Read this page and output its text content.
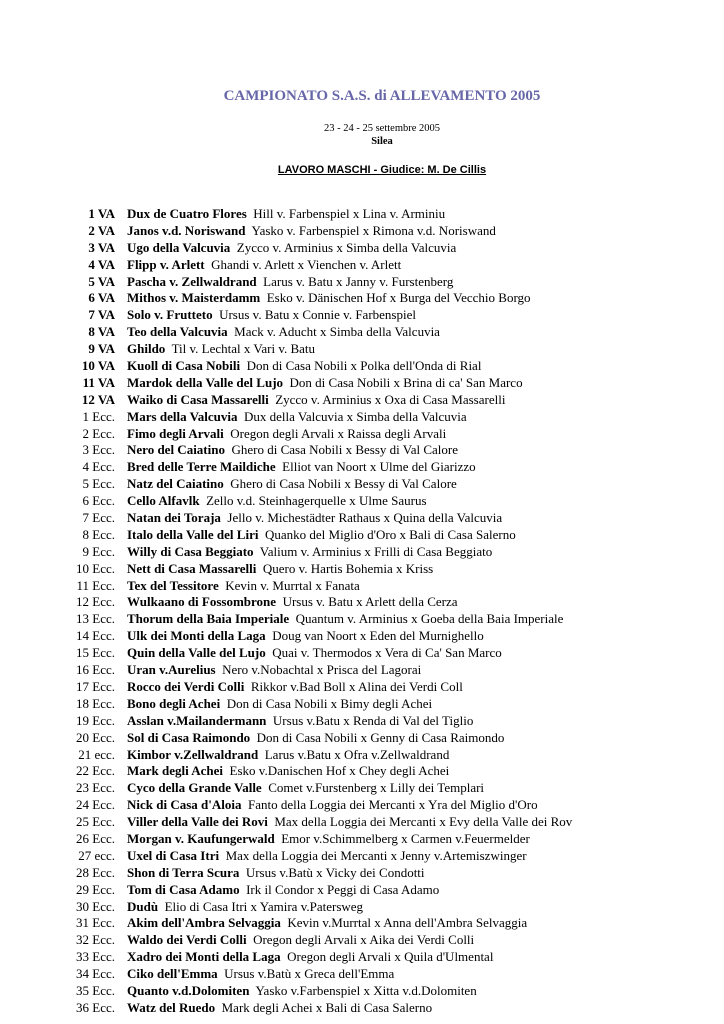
CAMPIONATO S.A.S. di ALLEVAMENTO 2005
23 - 24 - 25 settembre 2005
Silea
LAVORO MASCHI - Giudice: M. De Cillis
1 VA Dux de Cuatro Flores Hill v. Farbenspiel x Lina v. Arminiu
2 VA Janos v.d. Noriswand Yasko v. Farbenspiel x Rimona v.d. Noriswand
3 VA Ugo della Valcuvia Zycco v. Arminius x Simba della Valcuvia
4 VA Flipp v. Arlett Ghandi v. Arlett x Vienchen v. Arlett
5 VA Pascha v. Zellwaldrand Larus v. Batu x Janny v. Furstenberg
6 VA Mithos v. Maisterdamm Esko v. Dänischen Hof x Burga del Vecchio Borgo
7 VA Solo v. Frutteto Ursus v. Batu x Connie v. Farbenspiel
8 VA Teo della Valcuvia Mack v. Aducht x Simba della Valcuvia
9 VA Ghildo Til v. Lechtal x Vari v. Batu
10 VA Kuoll di Casa Nobili Don di Casa Nobili x Polka dell'Onda di Rial
11 VA Mardok della Valle del Lujo Don di Casa Nobili x Brina di ca' San Marco
12 VA Waiko di Casa Massarelli Zycco v. Arminius x Oxa di Casa Massarelli
1 Ecc. Mars della Valcuvia Dux della Valcuvia x Simba della Valcuvia
2 Ecc. Fimo degli Arvali Oregon degli Arvali x Raissa degli Arvali
3 Ecc. Nero del Caiatino Ghero di Casa Nobili x Bessy di Val Calore
4 Ecc. Bred delle Terre Maildiche Elliot van Noort x Ulme del Giarizzo
5 Ecc. Natz del Caiatino Ghero di Casa Nobili x Bessy di Val Calore
6 Ecc. Cello Alfavlk Zello v.d. Steinhagerquelle x Ulme Saurus
7 Ecc. Natan dei Toraja Jello v. Michestädter Rathaus x Quina della Valcuvia
8 Ecc. Italo della Valle del Liri Quanko del Miglio d'Oro x Bali di Casa Salerno
9 Ecc. Willy di Casa Beggiato Valium v. Arminius x Frilli di Casa Beggiato
10 Ecc. Nett di Casa Massarelli Quero v. Hartis Bohemia x Kriss
11 Ecc. Tex del Tessitore Kevin v. Murrtal x Fanata
12 Ecc. Wulkaano di Fossombrone Ursus v. Batu x Arlett della Cerza
13 Ecc. Thorum della Baia Imperiale Quantum v. Arminius x Goeba della Baia Imperiale
14 Ecc. Ulk dei Monti della Laga Doug van Noort x Eden del Murnighello
15 Ecc. Quin della Valle del Lujo Quai v. Thermodos x Vera di Ca' San Marco
16 Ecc. Uran v.Aurelius Nero v.Nobachtal x Prisca del Lagorai
17 Ecc. Rocco dei Verdi Colli Rikkor v.Bad Boll x Alina dei Verdi Coll
18 Ecc. Bono degli Achei Don di Casa Nobili x Bimy degli Achei
19 Ecc. Asslan v.Mailandermann Ursus v.Batu x Renda di Val del Tiglio
20 Ecc. Sol di Casa Raimondo Don di Casa Nobili x Genny di Casa Raimondo
21 ecc. Kimbor v.Zellwaldrand Larus v.Batu x Ofra v.Zellwaldrand
22 Ecc. Mark degli Achei Esko v.Danischen Hof x Chey degli Achei
23 Ecc. Cyco della Grande Valle Comet v.Furstenberg x Lilly dei Templari
24 Ecc. Nick di Casa d'Aloia Fanto della Loggia dei Mercanti x Yra del Miglio d'Oro
25 Ecc. Viller della Valle dei Rovi Max della Loggia dei Mercanti x Evy della Valle dei Rov
26 Ecc. Morgan v. Kaufungerwald Emor v.Schimmelberg x Carmen v.Feuermelder
27 ecc. Uxel di Casa Itri Max della Loggia dei Mercanti x Jenny v.Artemiszwinger
28 Ecc. Shon di Terra Scura Ursus v.Batù x Vicky dei Condotti
29 Ecc. Tom di Casa Adamo Irk il Condor x Peggi di Casa Adamo
30 Ecc. Dudù Elio di Casa Itri x Yamira v.Patersweg
31 Ecc. Akim dell'Ambra Selvaggia Kevin v.Murrtal x Anna dell'Ambra Selvaggia
32 Ecc. Waldo dei Verdi Colli Oregon degli Arvali x Aika dei Verdi Colli
33 Ecc. Xadro dei Monti della Laga Oregon degli Arvali x Quila d'Ulmental
34 Ecc. Ciko dell'Emma Ursus v.Batù x Greca dell'Emma
35 Ecc. Quanto v.d.Dolomiten Yasko v.Farbenspiel x Xitta v.d.Dolomiten
36 Ecc. Watz del Ruedo Mark degli Achei x Bali di Casa Salerno
